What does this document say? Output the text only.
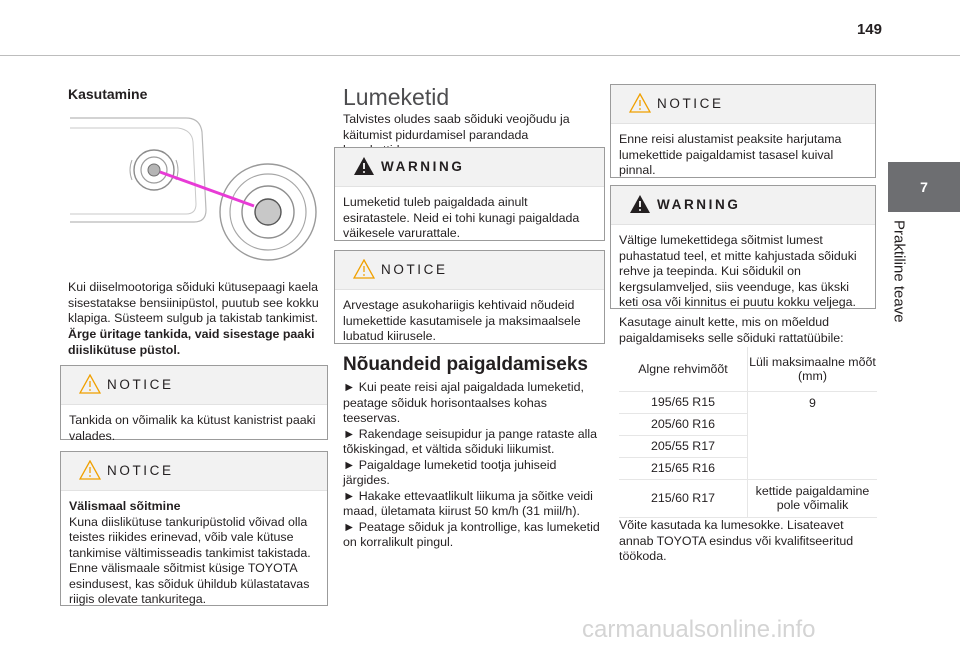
149
7
Praktiline teave
Kasutamine

Kui diiselmootoriga sõiduki kütusepaagi kaela sisestatakse bensiinipüstol, puutub see kokku klapiga. Süsteem sulgub ja takistab tankimist.

Ärge üritage tankida, vaid sisestage paaki diislikütuse püstol.

NOTICE

Tankida on võimalik ka kütust kanistrist paaki valades.

NOTICE

Välismaal sõitmine

Kuna diislikütuse tankuripüstolid võivad olla teistes riikides erinevad, võib vale kütuse tankimise vältimisseadis tankimist takistada. Enne välismaale sõitmist küsige TOYOTA esindusest, kas sõiduk ühildub külastatavas riigis olevate tankuritega.

Lumeketid

Talvistes oludes saab sõiduki veojõudu ja käitumist pidurdamisel parandada

WARNING

Lumeketid tuleb paigaldada ainult esiratastele. Neid ei tohi kunagi paigaldada väikesele varurattale.

NOTICE

Arvestage asukohariigis kehtivaid nõudeid lumekettide kasutamisele ja maksimaalsele lubatud kiirusele.

Nõuandeid paigaldamiseks

► Kui peate reisi ajal paigaldada lumeketid, peatage sõiduk horisontaalses kohas teeservas.

► Rakendage seisupidur ja pange rataste alla tõkiskingad, et vältida sõiduki liikumist.

► Paigaldage lumeketid tootja juhiseid järgides.

► Hakake ettevaatlikult liikuma ja sõitke veidi maad, ületamata kiirust 50 km/h (31 miil/h).

► Peatage sõiduk ja kontrollige, kas lumeketid on korralikult pingul.

NOTICE

Enne reisi alustamist peaksite harjutama lumekettide paigaldamist tasasel kuival pinnal.

WARNING

Vältige lumekettidega sõitmist lumest puhastatud teel, et mitte kahjustada sõiduki rehve ja teepinda. Kui sõidukil on kergsulamveljed, siis veenduge, kas ükski keti osa või kinnitus ei puutu kokku veljega.

Kasutage ainult kette, mis on mõeldud paigaldamiseks selle sõiduki rattatüübile:

Algne rehvimõõt	Lüli maksimaalne mõõt (mm)
195/65 R15	9
205/60 R16	
205/55 R17	
215/65 R16	
215/60 R17	kettide paigaldamine pole võimalik

Võite kasutada ka lumesokke. Lisateavet annab TOYOTA esindus või kvalifitseeritud töökoda.

carmanualsonline.info
